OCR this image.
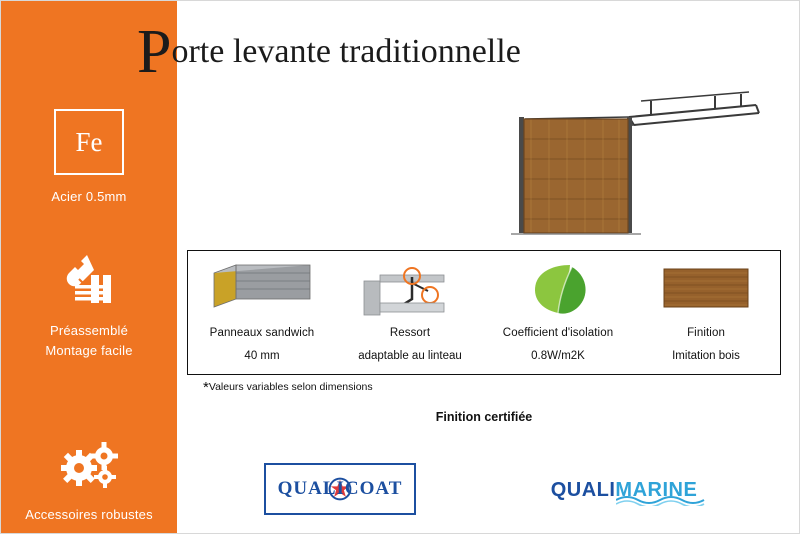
Fe
Acier 0.5mm
Préassemblé
Montage facile
Accessoires robustes
Porte levante traditionnelle
Panneaux sandwich
40 mm
Ressort
adaptable au linteau
Coefficient d'isolation
0.8W/m2K
Finition
Imitation bois
*Valeurs variables selon dimensions
Finition certifiée
QUALICOAT	QUALIMARINE
